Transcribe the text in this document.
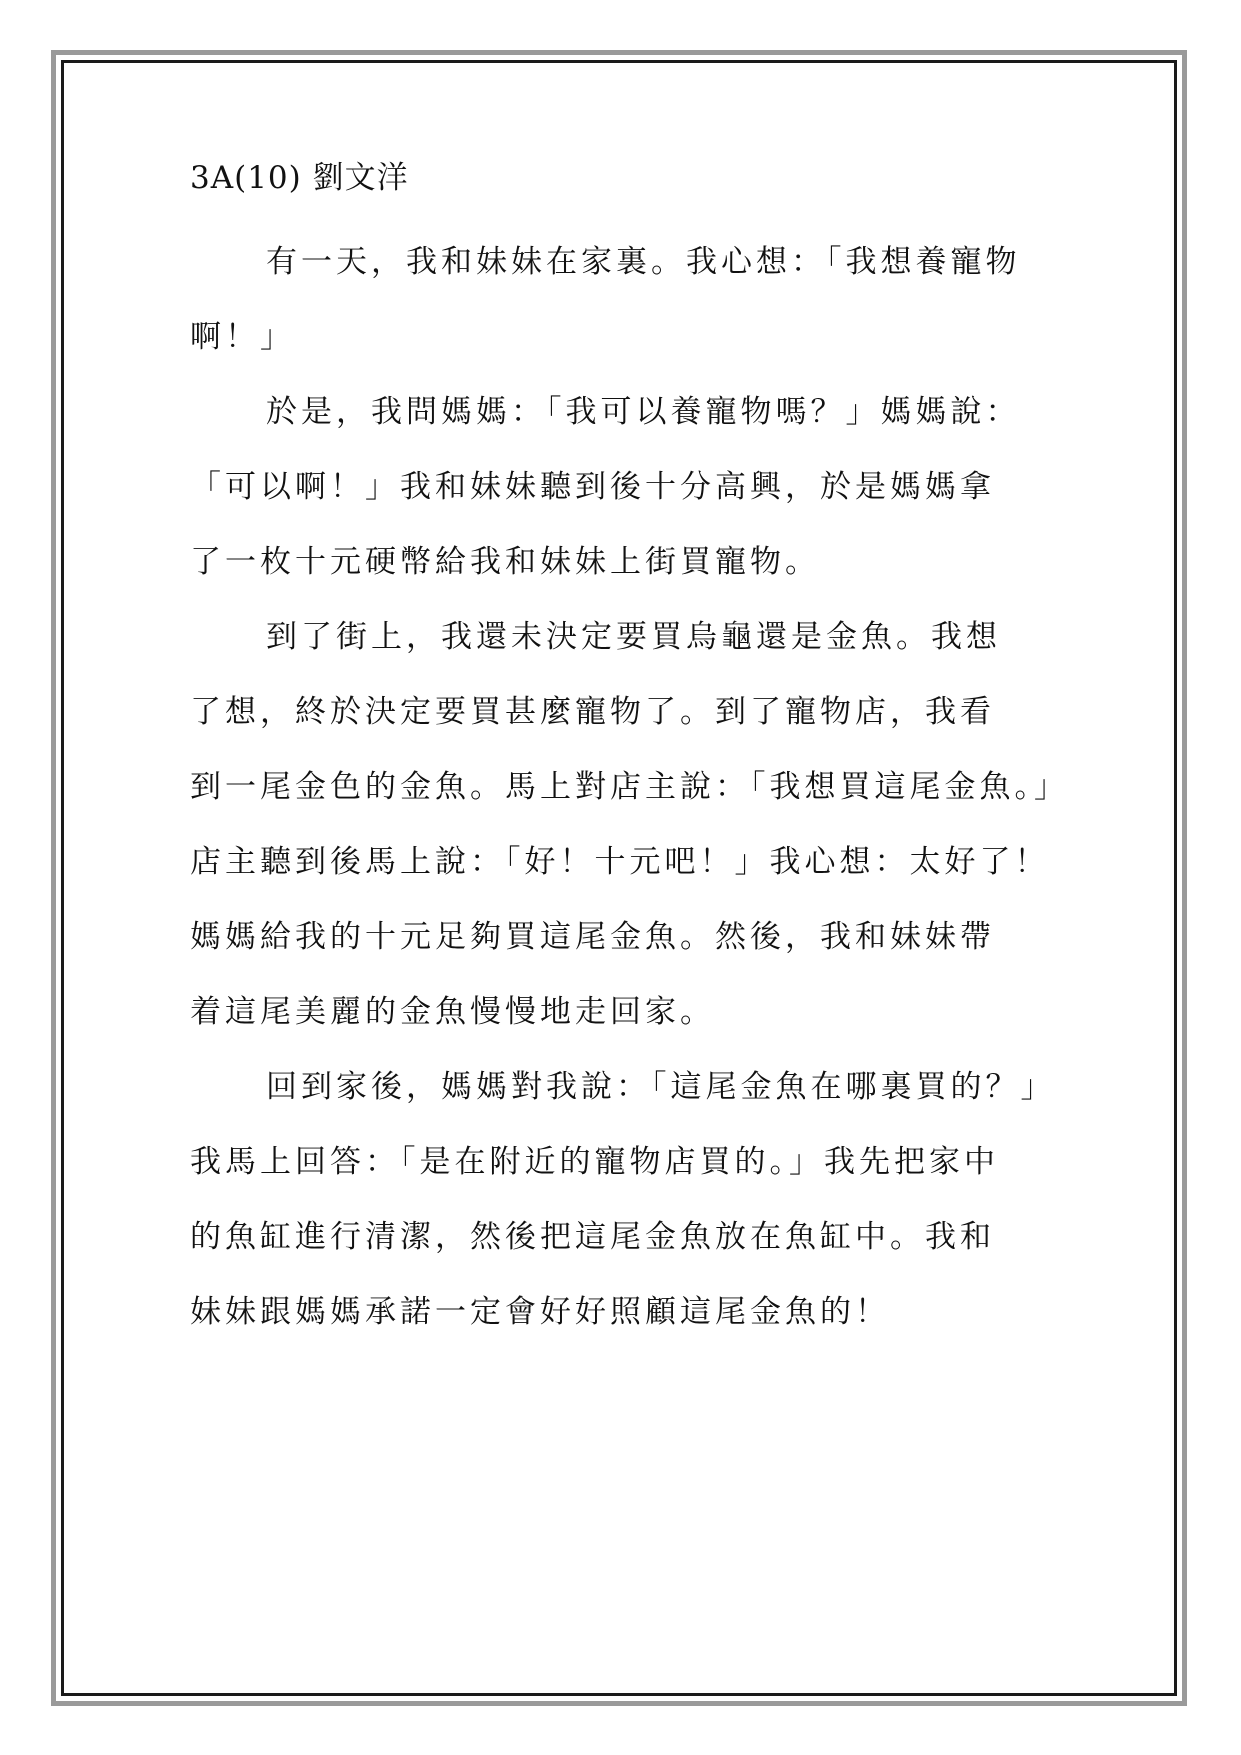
3A(10) 劉文洋
有一天，我和妹妹在家裏。我心想：「我想養寵物
啊！」
於是，我問媽媽：「我可以養寵物嗎？」媽媽說：
「可以啊！」我和妹妹聽到後十分高興，於是媽媽拿
了一枚十元硬幣給我和妹妹上街買寵物。
到了街上，我還未決定要買烏龜還是金魚。我想
了想，終於決定要買甚麼寵物了。到了寵物店，我看
到一尾金色的金魚。馬上對店主說：「我想買這尾金魚。」
店主聽到後馬上說：「好！十元吧！」我心想：太好了！
媽媽給我的十元足夠買這尾金魚。然後，我和妹妹帶
着這尾美麗的金魚慢慢地走回家。
回到家後，媽媽對我說：「這尾金魚在哪裏買的？」
我馬上回答：「是在附近的寵物店買的。」我先把家中
的魚缸進行清潔，然後把這尾金魚放在魚缸中。我和
妹妹跟媽媽承諾一定會好好照顧這尾金魚的！
